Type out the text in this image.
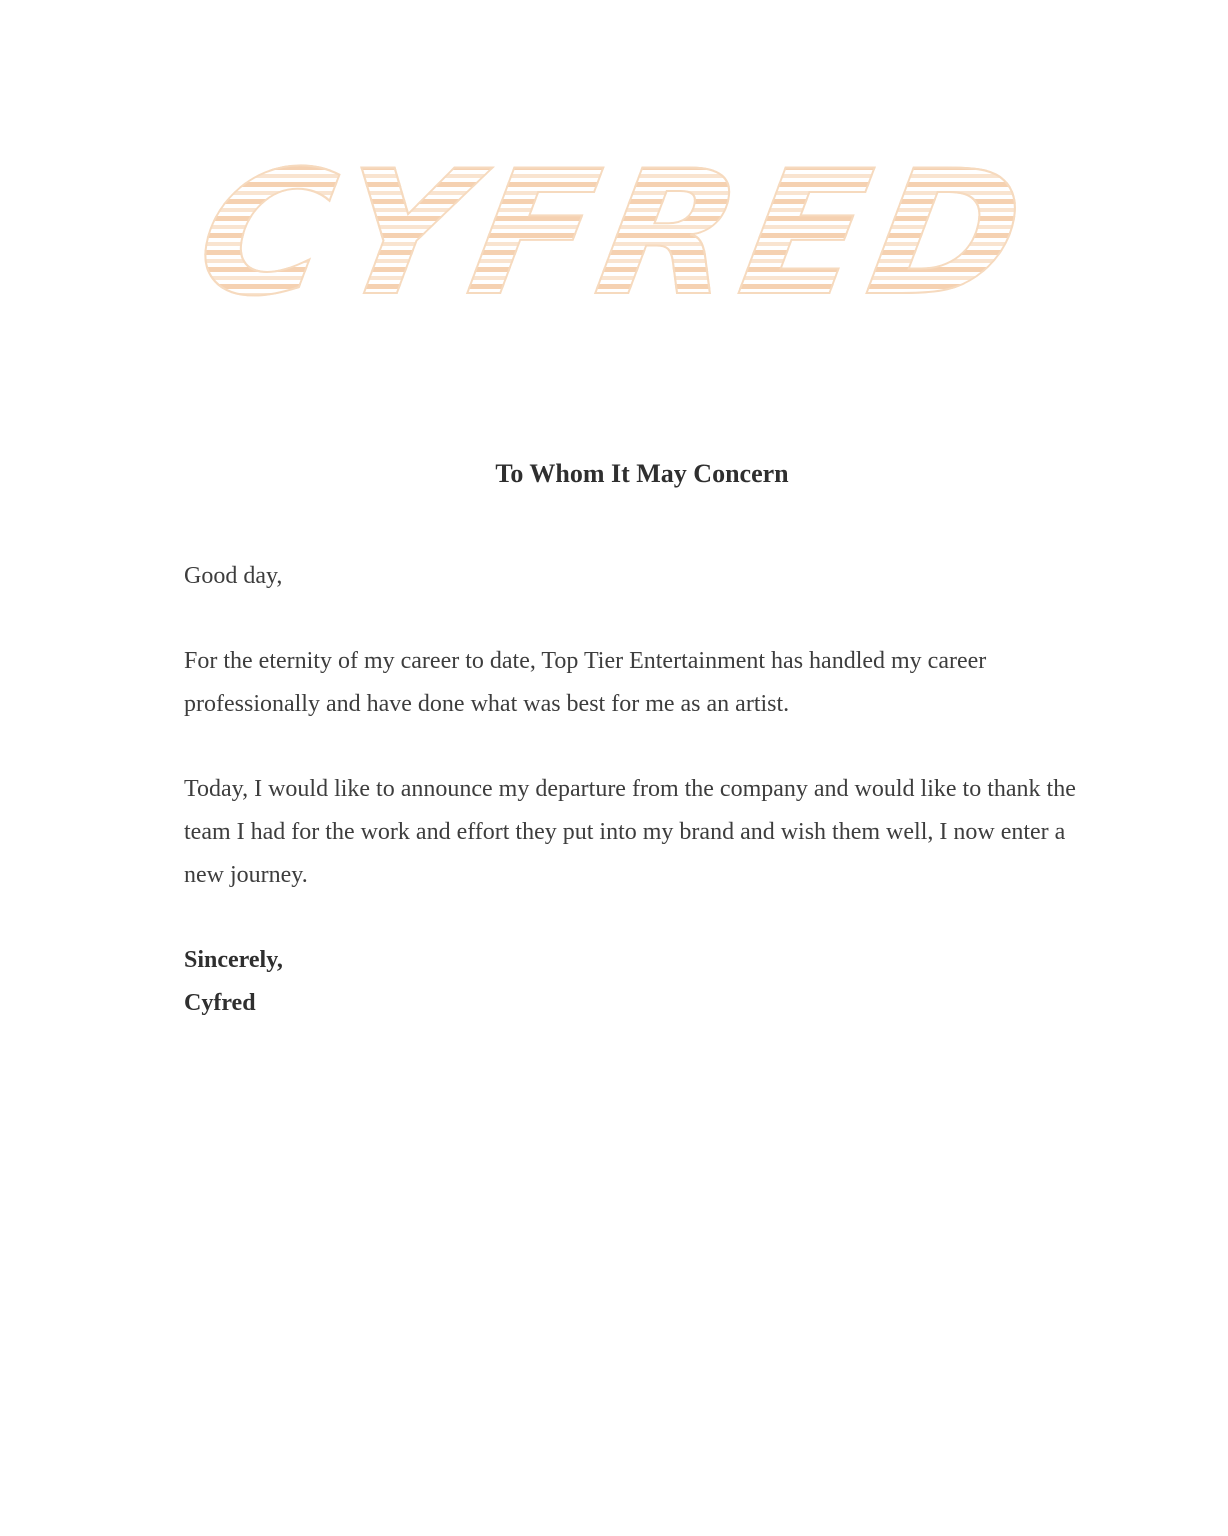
CYFRED
To Whom It May Concern

Good day,

For the eternity of my career to date, Top Tier Entertainment has handled my career professionally and have done what was best for me as an artist.

Today, I would like to announce my departure from the company and would like to thank the team I had for the work and effort they put into my brand and wish them well, I now enter a new journey.

Sincerely,

Cyfred
